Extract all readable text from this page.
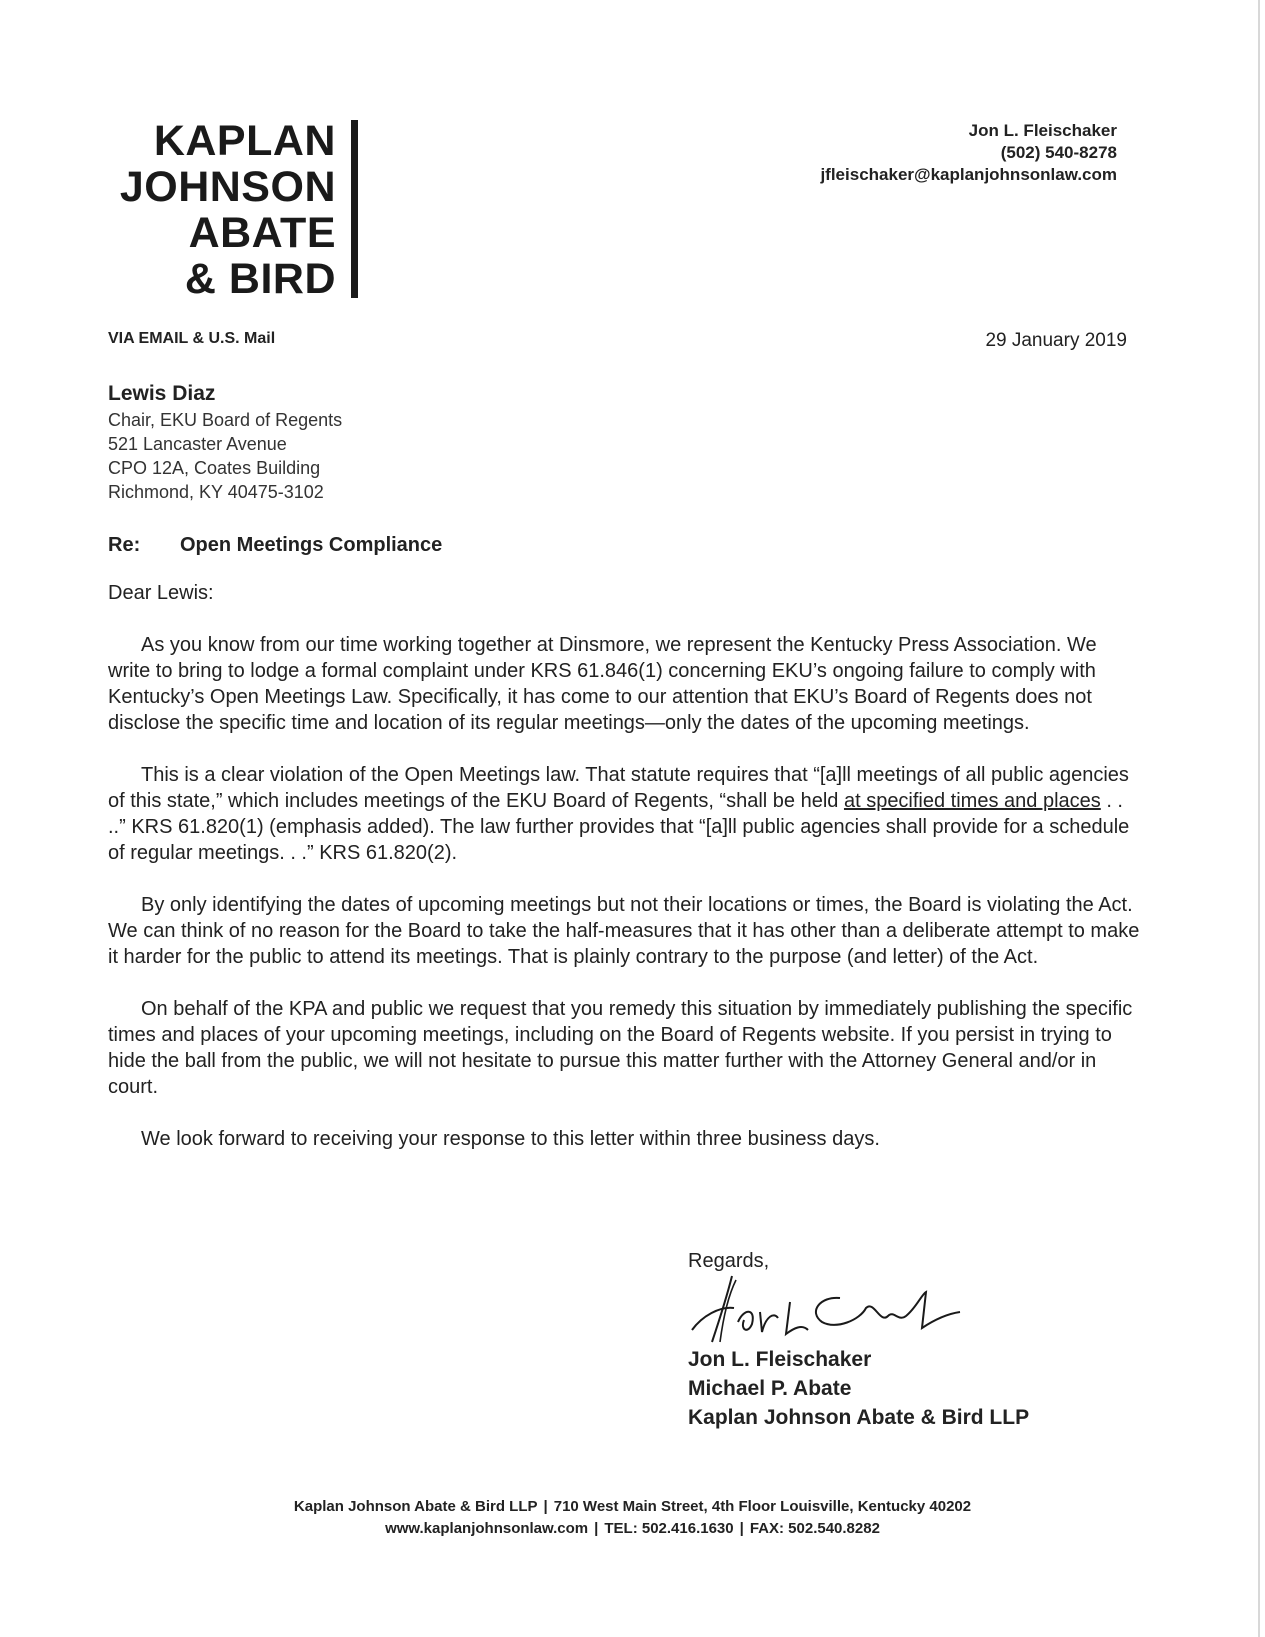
KAPLAN
JOHNSON
ABATE
& BIRD
Jon L. Fleischaker
(502) 540-8278
jfleischaker@kaplanjohnsonlaw.com
VIA EMAIL & U.S. Mail	29 January 2019
Lewis Diaz
Chair, EKU Board of Regents
521 Lancaster Avenue
CPO 12A, Coates Building
Richmond, KY 40475-3102
Re: Open Meetings Compliance
Dear Lewis:

As you know from our time working together at Dinsmore, we represent the Kentucky Press Association. We write to bring to lodge a formal complaint under KRS 61.846(1) concerning EKU’s ongoing failure to comply with Kentucky’s Open Meetings Law. Specifically, it has come to our attention that EKU’s Board of Regents does not disclose the specific time and location of its regular meetings—only the dates of the upcoming meetings.

This is a clear violation of the Open Meetings law. That statute requires that “[a]ll meetings of all public agencies of this state,” which includes meetings of the EKU Board of Regents, “shall be held at specified times and places . . ..” KRS 61.820(1) (emphasis added). The law further provides that “[a]ll public agencies shall provide for a schedule of regular meetings. . .” KRS 61.820(2).

By only identifying the dates of upcoming meetings but not their locations or times, the Board is violating the Act. We can think of no reason for the Board to take the half-measures that it has other than a deliberate attempt to make it harder for the public to attend its meetings. That is plainly contrary to the purpose (and letter) of the Act.

On behalf of the KPA and public we request that you remedy this situation by immediately publishing the specific times and places of your upcoming meetings, including on the Board of Regents website. If you persist in trying to hide the ball from the public, we will not hesitate to pursue this matter further with the Attorney General and/or in court.

We look forward to receiving your response to this letter within three business days.

Regards,
Jon L. Fleischaker
Michael P. Abate
Kaplan Johnson Abate & Bird LLP
Kaplan Johnson Abate & Bird LLP | 710 West Main Street, 4th Floor Louisville, Kentucky 40202
www.kaplanjohnsonlaw.com | TEL: 502.416.1630 | FAX: 502.540.8282
